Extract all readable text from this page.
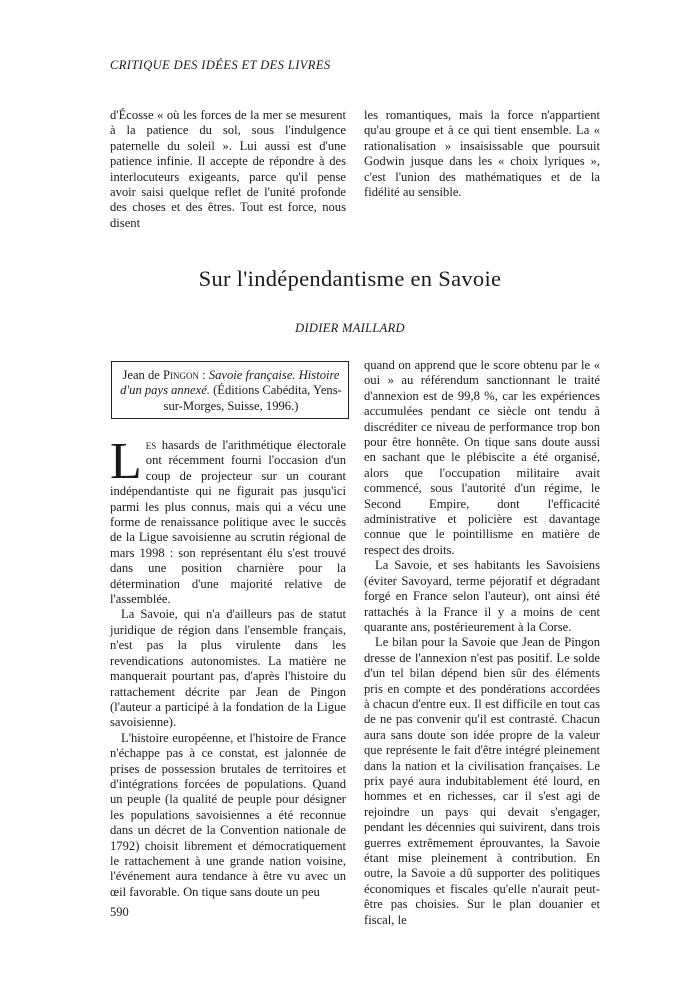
CRITIQUE DES IDÉES ET DES LIVRES

d'Écosse « où les forces de la mer se mesurent à la patience du sol, sous l'indulgence paternelle du soleil ». Lui aussi est d'une patience infinie. Il accepte de répondre à des interlocuteurs exigeants, parce qu'il pense avoir saisi quelque reflet de l'unité profonde des choses et des êtres. Tout est force, nous disent

les romantiques, mais la force n'appartient qu'au groupe et à ce qui tient ensemble. La « rationalisation » insaisissable que poursuit Godwin jusque dans les « choix lyriques », c'est l'union des mathématiques et de la fidélité au sensible.

Sur l'indépendantisme en Savoie
DIDIER MAILLARD
Jean de Pingon : Savoie française. Histoire d'un pays annexé. (Éditions Cabédita, Yens-sur-Morges, Suisse, 1996.)

Les hasards de l'arithmétique électorale ont récemment fourni l'occasion d'un coup de projecteur sur un courant indépendantiste qui ne figurait pas jusqu'ici parmi les plus connus, mais qui a vécu une forme de renaissance politique avec le succès de la Ligue savoisienne au scrutin régional de mars 1998 : son représentant élu s'est trouvé dans une position charnière pour la détermination d'une majorité relative de l'assemblée.

La Savoie, qui n'a d'ailleurs pas de statut juridique de région dans l'ensemble français, n'est pas la plus virulente dans les revendications autonomistes. La matière ne manquerait pourtant pas, d'après l'histoire du rattachement décrite par Jean de Pingon (l'auteur a participé à la fondation de la Ligue savoisienne).

L'histoire européenne, et l'histoire de France n'échappe pas à ce constat, est jalonnée de prises de possession brutales de territoires et d'intégrations forcées de populations. Quand un peuple (la qualité de peuple pour désigner les populations savoisiennes a été reconnue dans un décret de la Convention nationale de 1792) choisit librement et démocratiquement le rattachement à une grande nation voisine, l'événement aura tendance à être vu avec un œil favorable. On tique sans doute un peu

quand on apprend que le score obtenu par le « oui » au référendum sanctionnant le traité d'annexion est de 99,8 %, car les expériences accumulées pendant ce siècle ont tendu à discréditer ce niveau de performance trop bon pour être honnête. On tique sans doute aussi en sachant que le plébiscite a été organisé, alors que l'occupation militaire avait commencé, sous l'autorité d'un régime, le Second Empire, dont l'efficacité administrative et policière est davantage connue que le pointillisme en matière de respect des droits.

La Savoie, et ses habitants les Savoisiens (éviter Savoyard, terme péjoratif et dégradant forgé en France selon l'auteur), ont ainsi été rattachés à la France il y a moins de cent quarante ans, postérieurement à la Corse.

Le bilan pour la Savoie que Jean de Pingon dresse de l'annexion n'est pas positif. Le solde d'un tel bilan dépend bien sûr des éléments pris en compte et des pondérations accordées à chacun d'entre eux. Il est difficile en tout cas de ne pas convenir qu'il est contrasté. Chacun aura sans doute son idée propre de la valeur que représente le fait d'être intégré pleinement dans la nation et la civilisation françaises. Le prix payé aura indubitablement été lourd, en hommes et en richesses, car il s'est agi de rejoindre un pays qui devait s'engager, pendant les décennies qui suivirent, dans trois guerres extrêmement éprouvantes, la Savoie étant mise pleinement à contribution. En outre, la Savoie a dû supporter des politiques économiques et fiscales qu'elle n'aurait peut-être pas choisies. Sur le plan douanier et fiscal, le

590
